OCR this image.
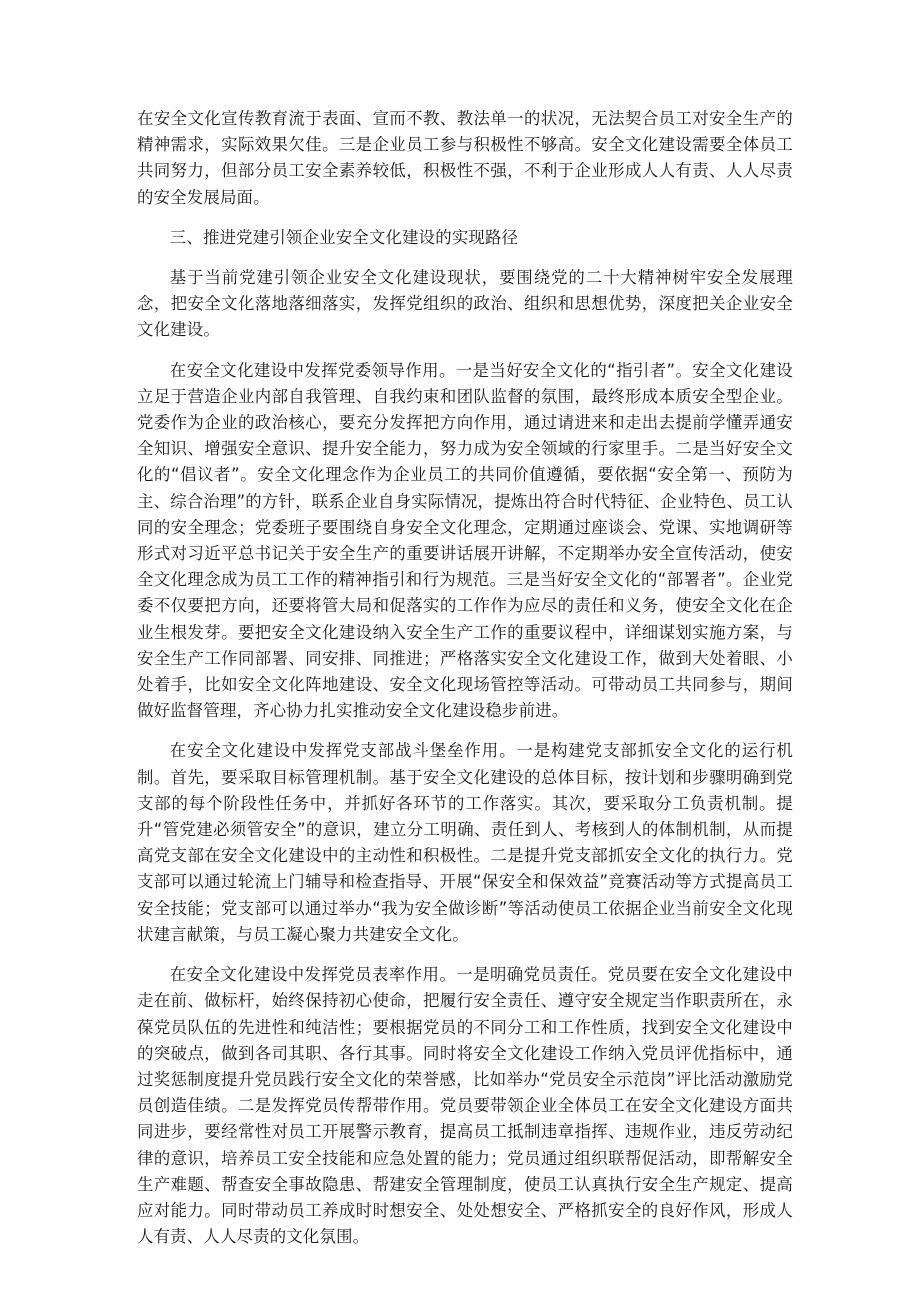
在安全文化宣传教育流于表面、宣而不教、教法单一的状况，无法契合员工对安全生产的精神需求，实际效果欠佳。三是企业员工参与积极性不够高。安全文化建设需要全体员工共同努力，但部分员工安全素养较低，积极性不强，不利于企业形成人人有责、人人尽责的安全发展局面。

三、推进党建引领企业安全文化建设的实现路径

基于当前党建引领企业安全文化建设现状，要围绕党的二十大精神树牢安全发展理念，把安全文化落地落细落实，发挥党组织的政治、组织和思想优势，深度把关企业安全文化建设。

在安全文化建设中发挥党委领导作用。一是当好安全文化的“指引者”。安全文化建设立足于营造企业内部自我管理、自我约束和团队监督的氛围，最终形成本质安全型企业。党委作为企业的政治核心，要充分发挥把方向作用，通过请进来和走出去提前学懂弄通安全知识、增强安全意识、提升安全能力，努力成为安全领域的行家里手。二是当好安全文化的“倡议者”。安全文化理念作为企业员工的共同价值遵循，要依据“安全第一、预防为主、综合治理”的方针，联系企业自身实际情况，提炼出符合时代特征、企业特色、员工认同的安全理念；党委班子要围绕自身安全文化理念，定期通过座谈会、党课、实地调研等形式对习近平总书记关于安全生产的重要讲话展开讲解，不定期举办安全宣传活动，使安全文化理念成为员工工作的精神指引和行为规范。三是当好安全文化的“部署者”。企业党委不仅要把方向，还要将管大局和促落实的工作作为应尽的责任和义务，使安全文化在企业生根发芽。要把安全文化建设纳入安全生产工作的重要议程中，详细谋划实施方案，与安全生产工作同部署、同安排、同推进；严格落实安全文化建设工作，做到大处着眼、小处着手，比如安全文化阵地建设、安全文化现场管控等活动。可带动员工共同参与，期间做好监督管理，齐心协力扎实推动安全文化建设稳步前进。

在安全文化建设中发挥党支部战斗堡垒作用。一是构建党支部抓安全文化的运行机制。首先，要采取目标管理机制。基于安全文化建设的总体目标，按计划和步骤明确到党支部的每个阶段性任务中，并抓好各环节的工作落实。其次，要采取分工负责机制。提升“管党建必须管安全”的意识，建立分工明确、责任到人、考核到人的体制机制，从而提高党支部在安全文化建设中的主动性和积极性。二是提升党支部抓安全文化的执行力。党支部可以通过轮流上门辅导和检查指导、开展“保安全和保效益”竞赛活动等方式提高员工安全技能；党支部可以通过举办“我为安全做诊断”等活动使员工依据企业当前安全文化现状建言献策，与员工凝心聚力共建安全文化。

在安全文化建设中发挥党员表率作用。一是明确党员责任。党员要在安全文化建设中走在前、做标杆，始终保持初心使命，把履行安全责任、遵守安全规定当作职责所在，永葆党员队伍的先进性和纯洁性；要根据党员的不同分工和工作性质，找到安全文化建设中的突破点，做到各司其职、各行其事。同时将安全文化建设工作纳入党员评优指标中，通过奖惩制度提升党员践行安全文化的荣誉感，比如举办“党员安全示范岗”评比活动激励党员创造佳绩。二是发挥党员传帮带作用。党员要带领企业全体员工在安全文化建设方面共同进步，要经常性对员工开展警示教育，提高员工抵制违章指挥、违规作业，违反劳动纪律的意识，培养员工安全技能和应急处置的能力；党员通过组织联帮促活动，即帮解安全生产难题、帮查安全事故隐患、帮建安全管理制度，使员工认真执行安全生产规定、提高应对能力。同时带动员工养成时时想安全、处处想安全、严格抓安全的良好作风，形成人人有责、人人尽责的文化氛围。
